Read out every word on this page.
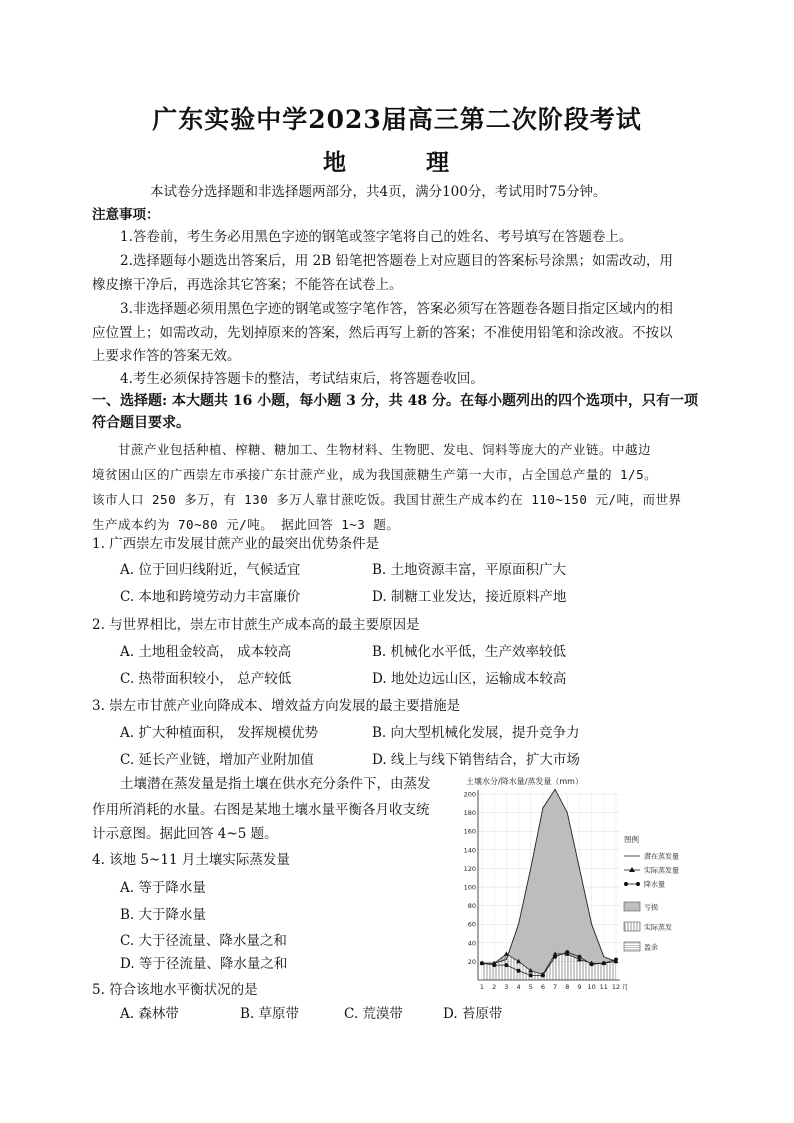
广东实验中学2023届高三第二次阶段考试
地 理
本试卷分选择题和非选择题两部分，共4页，满分100分，考试用时75分钟。
注意事项：
1.答卷前，考生务必用黑色字迹的钢笔或签字笔将自己的姓名、考号填写在答题卷上。
2.选择题每小题选出答案后，用 2B 铅笔把答题卷上对应题目的答案标号涂黑；如需改动，用
橡皮擦干净后，再选涂其它答案；不能答在试卷上。
3.非选择题必须用黑色字迹的钢笔或签字笔作答，答案必须写在答题卷各题目指定区域内的相
应位置上；如需改动，先划掉原来的答案，然后再写上新的答案；不准使用铅笔和涂改液。不按以
上要求作答的答案无效。
4.考生必须保持答题卡的整洁，考试结束后，将答题卷收回。
一、选择题: 本大题共 16 小题，每小题 3 分，共 48 分。在每小题列出的四个选项中，只有一项
符合题目要求。
甘蔗产业包括种植、榨糖、糖加工、生物材料、生物肥、发电、饲料等庞大的产业链。中越边
境贫困山区的广西崇左市承接广东甘蔗产业，成为我国蔗糖生产第一大市，占全国总产量的 1/5。
该市人口 250 多万，有 130 多万人靠甘蔗吃饭。我国甘蔗生产成本约在 110~150 元/吨，而世界
生产成本约为 70~80 元/吨。 据此回答 1~3 题。
1. 广西崇左市发展甘蔗产业的最突出优势条件是
A. 位于回归线附近，气候适宜	B. 土地资源丰富，平原面积广大
C. 本地和跨境劳动力丰富廉价	D. 制糖工业发达，接近原料产地
2. 与世界相比，崇左市甘蔗生产成本高的最主要原因是
A. 土地租金较高， 成本较高	B. 机械化水平低，生产效率较低
C. 热带面积较小， 总产较低	D. 地处边远山区，运输成本较高
3. 崇左市甘蔗产业向降成本、增效益方向发展的最主要措施是
A. 扩大种植面积， 发挥规模优势	B. 向大型机械化发展，提升竞争力
C. 延长产业链，增加产业附加值	D. 线上与线下销售结合，扩大市场
土壤潜在蒸发量是指土壤在供水充分条件下，由蒸发
作用所消耗的水量。右图是某地土壤水量平衡各月收支统
计示意图。据此回答 4~5 题。
4. 该地 5~11 月土壤实际蒸发量
A. 等于降水量
B. 大于降水量
C. 大于径流量、降水量之和
D. 等于径流量、降水量之和
5. 符合该地水平衡状况的是
A. 森林带	B. 草原带	C. 荒漠带	D. 苔原带
土壤水分/降水量/蒸发量（mm）
20
40
60
80
100
120
140
160
180
200
1 2 3 4 5 6 7 8 9 10 11 12 月
图例
潜在蒸发量
实际蒸发量
降水量
亏损
实际蒸发
盈余
